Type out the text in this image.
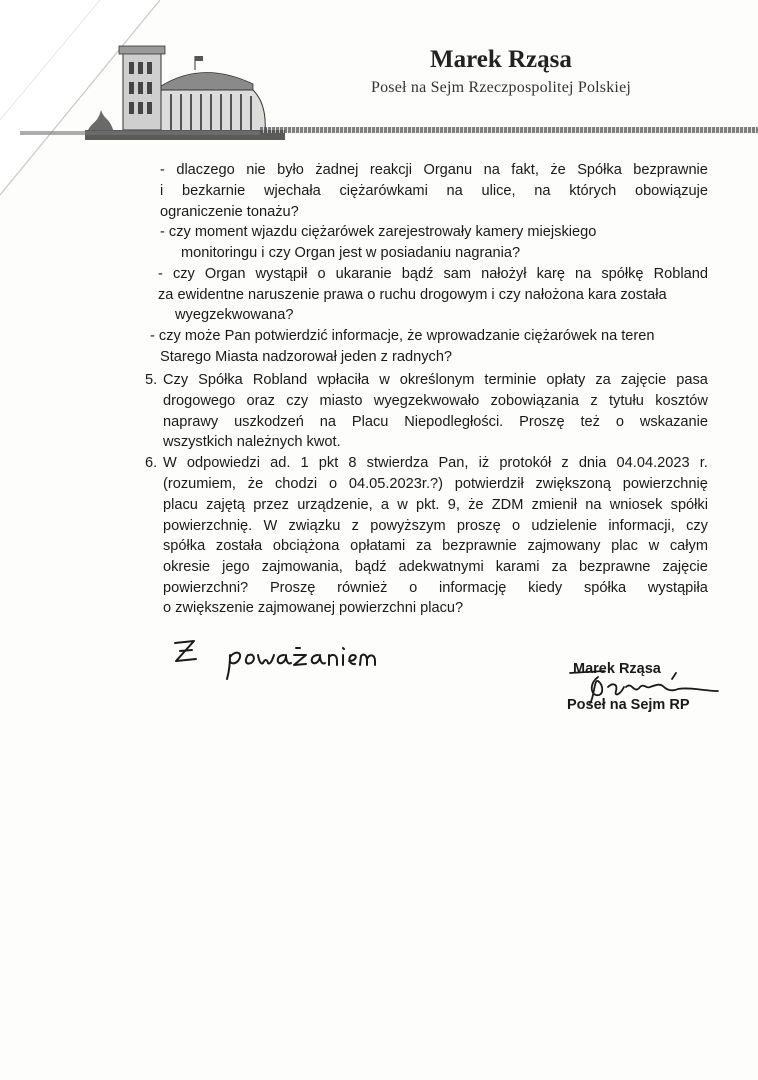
Marek Rząsa
Poseł na Sejm Rzeczpospolitej Polskiej
- dlaczego nie było żadnej reakcji Organu na fakt, że Spółka bezprawnie
i bezkarnie wjechała ciężarówkami na ulice, na których obowiązuje
ograniczenie tonażu?
- czy moment wjazdu ciężarówek zarejestrowały kamery miejskiego
monitoringu i czy Organ jest w posiadaniu nagrania?
- czy Organ wystąpił o ukaranie bądź sam nałożył karę na spółkę Robland
za ewidentne naruszenie prawa o ruchu drogowym i czy nałożona kara została
wyegzekwowana?
- czy może Pan potwierdzić informacje, że wprowadzanie ciężarówek na teren
Starego Miasta nadzorował jeden z radnych?
5. Czy Spółka Robland wpłaciła w określonym terminie opłaty za zajęcie pasa
drogowego oraz czy miasto wyegzekwowało zobowiązania z tytułu kosztów
naprawy uszkodzeń na Placu Niepodległości. Proszę też o wskazanie
wszystkich należnych kwot.
6. W odpowiedzi ad. 1 pkt 8 stwierdza Pan, iż protokół z dnia 04.04.2023 r.
(rozumiem, że chodzi o 04.05.2023r.?) potwierdził zwiększoną powierzchnię
placu zajętą przez urządzenie, a w pkt. 9, że ZDM zmienił na wniosek spółki
powierzchnię. W związku z powyższym proszę o udzielenie informacji, czy
spółka została obciążona opłatami za bezprawnie zajmowany plac w całym
okresie jego zajmowania, bądź adekwatnymi karami za bezprawne zajęcie
powierzchni? Proszę również o informację kiedy spółka wystąpiła
o zwiększenie zajmowanej powierzchni placu?
Marek Rząsa
Poseł na Sejm RP
